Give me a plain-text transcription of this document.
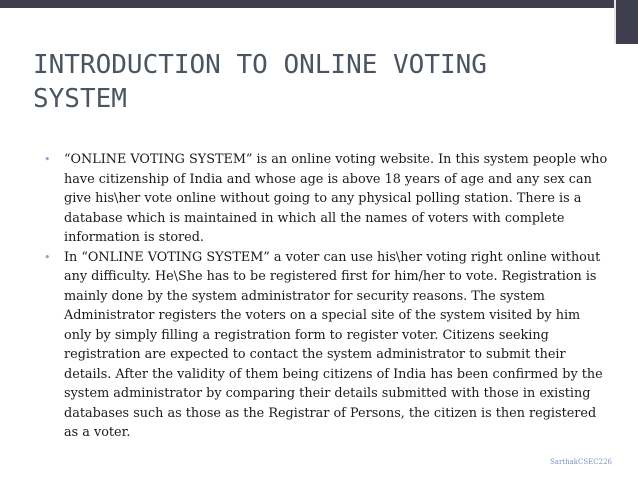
INTRODUCTION TO ONLINE VOTING SYSTEM
• “ONLINE VOTING SYSTEM” is an online voting website. In this system people who have citizenship of India and whose age is above 18 years of age and any sex can give his\her vote online without going to any physical polling station. There is a database which is maintained in which all the names of voters with complete information is stored.
• In “ONLINE VOTING SYSTEM” a voter can use his\her voting right online without any difficulty. He\She has to be registered first for him/her to vote. Registration is mainly done by the system administrator for security reasons. The system Administrator registers the voters on a special site of the system visited by him only by simply filling a registration form to register voter. Citizens seeking registration are expected to contact the system administrator to submit their details. After the validity of them being citizens of India has been confirmed by the system administrator by comparing their details submitted with those in existing databases such as those as the Registrar of Persons, the citizen is then registered as a voter.
SarthakCSEC226
